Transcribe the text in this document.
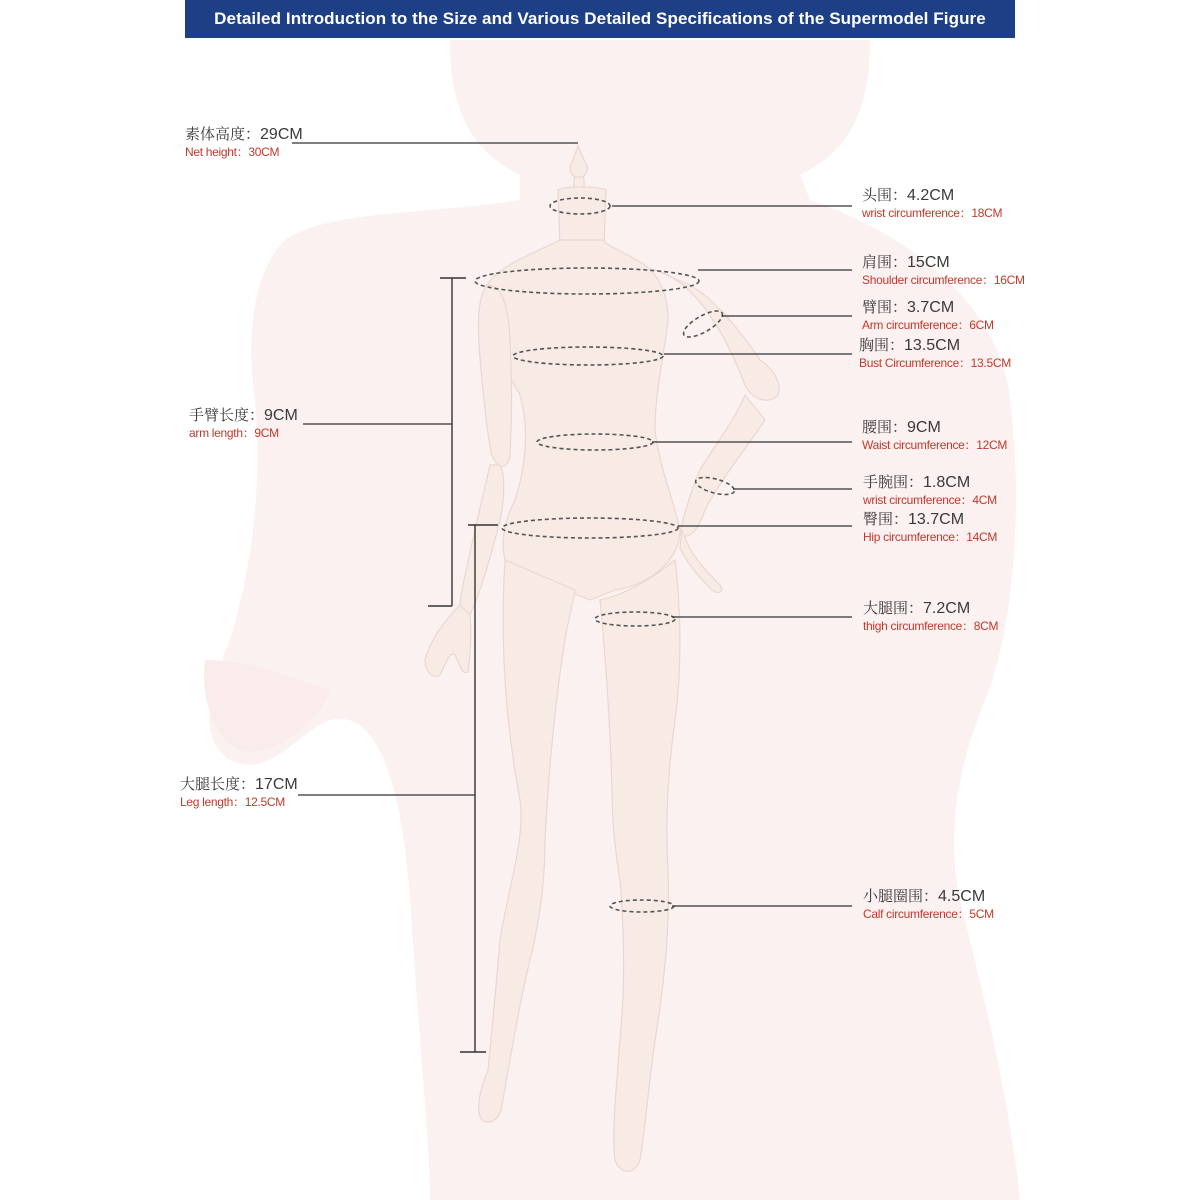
Detailed Introduction to the Size and Various Detailed Specifications of the Supermodel Figure
素体高度：29CM
Net height：30CM
手臂长度：9CM
arm length：9CM
大腿长度：17CM
Leg length：12.5CM
头围：4.2CM
wrist circumference：18CM
肩围：15CM
Shoulder circumference：16CM
臂围：3.7CM
Arm circumference：6CM
胸围：13.5CM
Bust Circumference：13.5CM
腰围：9CM
Waist circumference：12CM
手腕围：1.8CM
wrist circumference：4CM
臀围：13.7CM
Hip circumference：14CM
大腿围：7.2CM
thigh circumference：8CM
小腿圈围：4.5CM
Calf circumference：5CM
